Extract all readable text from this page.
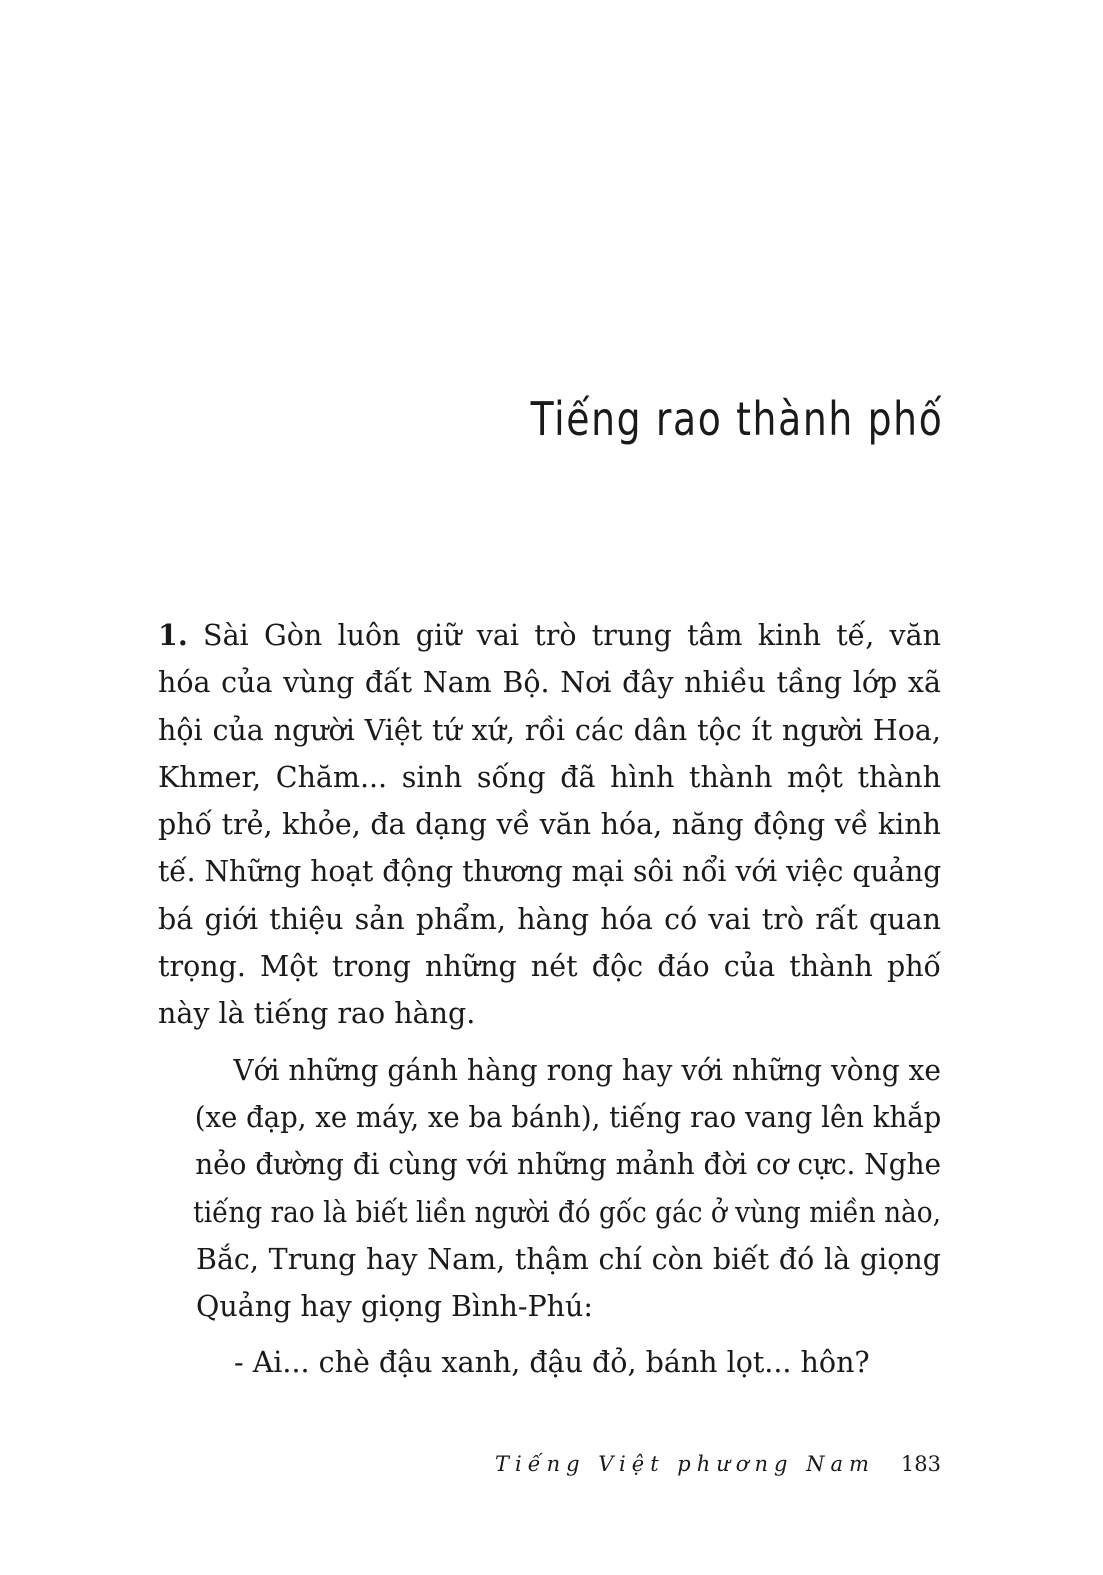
Tiếng rao thành phố

1. Sài Gòn luôn giữ vai trò trung tâm kinh tế, văn
hóa của vùng đất Nam Bộ. Nơi đây nhiều tầng lớp xã
hội của người Việt tứ xứ, rồi các dân tộc ít người Hoa,
Khmer, Chăm... sinh sống đã hình thành một thành
phố trẻ, khỏe, đa dạng về văn hóa, năng động về kinh
tế. Những hoạt động thương mại sôi nổi với việc quảng
bá giới thiệu sản phẩm, hàng hóa có vai trò rất quan
trọng. Một trong những nét độc đáo của thành phố
này là tiếng rao hàng.

Với những gánh hàng rong hay với những vòng xe
(xe đạp, xe máy, xe ba bánh), tiếng rao vang lên khắp
nẻo đường đi cùng với những mảnh đời cơ cực. Nghe
tiếng rao là biết liền người đó gốc gác ở vùng miền nào,
Bắc, Trung hay Nam, thậm chí còn biết đó là giọng
Quảng hay giọng Bình-Phú:

- Ai... chè đậu xanh, đậu đỏ, bánh lọt... hôn?

Tiếng Việt phương Nam 183
